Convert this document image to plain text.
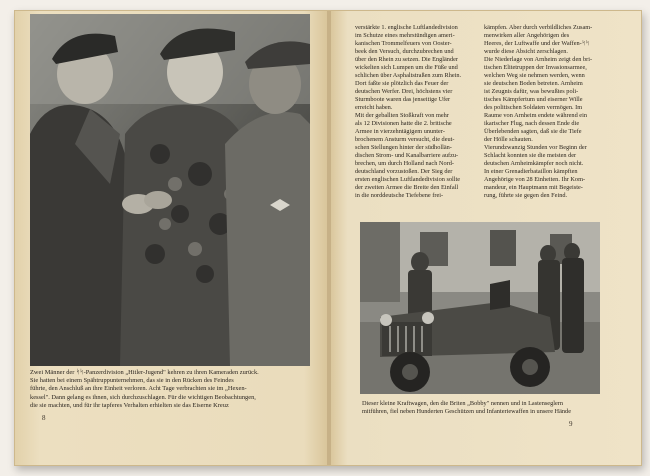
Zwei Männer der ᛋᛋ-Panzerdivision „Hitler-Jugend" kehren zu ihren Kameraden zurück.
Sie hatten bei einem Spähtruppunternehmen, das sie in den Rücken des Feindes
führte, den Anschluß an ihre Einheit verloren. Acht Tage verbrachten sie im „Hexen-
kessel". Dann gelang es ihnen, sich durchzuschlagen. Für die wichtigen Beobachtungen,
die sie machten, und für ihr tapferes Verhalten erhielten sie das Eiserne Kreuz

8

verstärkte 1. englische Luftlandedivision
im Schutze eines mehrstündigen ameri-
kanischen Trommelfeuers von Ooster-
beek den Versuch, durchzubrechen und
über den Rhein zu setzen. Die Engländer
wickelten sich Lumpen um die Füße und
schlichen über Asphaltstraßen zum Rhein.
Dort faßte sie plötzlich das Feuer der
deutschen Werfer. Drei, höchstens vier
Sturmboote waren das jenseitige Ufer
erreicht haben.
Mit der geballten Stoßkraft von mehr
als 12 Divisionen hatte die 2. britische
Armee in vierzehntägigem ununter-
brochenem Ansturm versucht, die deut-
schen Stellungen hinter der südhollän-
dischen Strom- und Kanalbarriere aufzu-
brechen, um durch Holland nach Nord-
deutschland vorzustoßen. Der Sieg der
ersten englischen Luftlandedivision sollte
der zweiten Armee die Breite den Einfall
in die norddeutsche Tiefebene frei-

kämpfen. Aber durch verbildliches Zusam-
menwirken aller Angehörigen des
Heeres, der Luftwaffe und der Waffen-ᛋᛋ
wurde diese Absicht zerschlagen.
Die Niederlage von Arnheim zeigt den bri-
tischen Elitetruppen der Invasionsarmee,
welchen Weg sie nehmen werden, wenn
sie deutschen Boden betreten. Arnheim
ist Zeugnis dafür, was bewußtes poli-
tisches Kämpfertum und eiserner Wille
des politischen Soldaten vermögen. Im
Raume von Arnheim endete während ein
ikarischer Flug, nach dessen Ende die
Überlebenden sagten, daß sie die Tiefe
der Hölle schauten.
Vierundzwanzig Stunden vor Beginn der
Schlacht konnten sie die meisten der
deutschen Arnheimkämpfer noch nicht.
In einer Grenadierbataillon kämpften
Angehörige von 28 Einheiten. Ihr Kom-
mandeur, ein Hauptmann mit Begeiste-
rung, führte sie gegen den Feind.

Dieser kleine Kraftwagen, den die Briten „Bobby" nennen und in Lastenseglern
mitführen, fiel neben Hunderten Geschützen und Infanteriewaffen in unsere Hände

9
